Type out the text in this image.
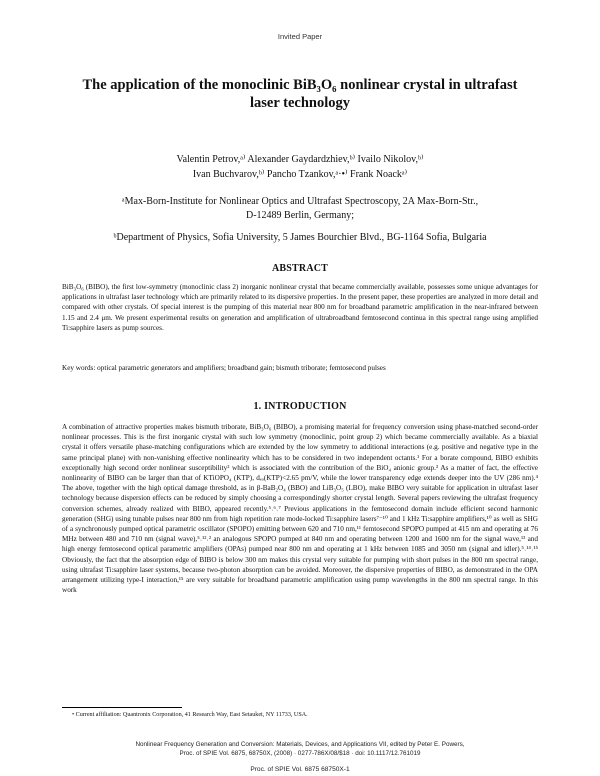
Invited Paper
The application of the monoclinic BiB₃O₆ nonlinear crystal in ultrafast
laser technology
Valentin Petrov,ᵃ⁾ Alexander Gaydardzhiev,ᵇ⁾ Ivailo Nikolov,ᵇ⁾
Ivan Buchvarov,ᵇ⁾ Pancho Tzankov,ᵃ·•⁾ Frank Noackᵃ⁾
ᵃMax-Born-Institute for Nonlinear Optics and Ultrafast Spectroscopy, 2A Max-Born-Str.,
D-12489 Berlin, Germany;
ᵇDepartment of Physics, Sofia University, 5 James Bourchier Blvd., BG-1164 Sofia, Bulgaria
ABSTRACT
BiB₃O₆ (BIBO), the first low-symmetry (monoclinic class 2) inorganic nonlinear crystal that became commercially available, possesses some unique advantages for applications in ultrafast laser technology which are primarily related to its dispersive properties. In the present paper, these properties are analyzed in more detail and compared with other crystals. Of special interest is the pumping of this material near 800 nm for broadband parametric amplification in the near-infrared between 1.15 and 2.4 μm. We present experimental results on generation and amplification of ultrabroadband femtosecond continua in this spectral range using amplified Ti:sapphire lasers as pump sources.
Key words: optical parametric generators and amplifiers; broadband gain; bismuth triborate; femtosecond pulses
1. INTRODUCTION
A combination of attractive properties makes bismuth triborate, BiB₃O₆ (BIBO), a promising material for frequency conversion using phase-matched second-order nonlinear processes. This is the first inorganic crystal with such low symmetry (monoclinic, point group 2) which became commercially available. As a biaxial crystal it offers versatile phase-matching configurations which are extended by the low symmetry to additional interactions (e.g. positive and negative type in the same principal plane) with non-vanishing effective nonlinearity which has to be considered in two independent octants.¹ For a borate compound, BIBO exhibits exceptionally high second order nonlinear susceptibility² which is associated with the contribution of the BiO₄ anionic group.³ As a matter of fact, the effective nonlinearity of BIBO can be larger than that of KTiOPO₄ (KTP), dₑₒ(KTP)<2.65 pm/V, while the lower transparency edge extends deeper into the UV (286 nm).⁴ The above, together with the high optical damage threshold, as in β-BaB₂O₄ (BBO) and LiB₃O₅ (LBO), make BIBO very suitable for application in ultrafast laser technology because dispersion effects can be reduced by simply choosing a correspondingly shorter crystal length. Several papers reviewing the ultrafast frequency conversion schemes, already realized with BIBO, appeared recently.⁵˒⁶˒⁷ Previous applications in the femtosecond domain include efficient second harmonic generation (SHG) using tunable pulses near 800 nm from high repetition rate mode-locked Ti:sapphire lasers⁷⁻¹⁰ and 1 kHz Ti:sapphire amplifiers,¹⁰ as well as SHG of a synchronously pumped optical parametric oscillator (SPOPO) emitting between 620 and 710 nm,¹¹ femtosecond SPOPO pumped at 415 nm and operating at 76 MHz between 480 and 710 nm (signal wave),⁵˒¹²˒² an analogous SPOPO pumped at 840 nm and operating between 1200 and 1600 nm for the signal wave,¹³ and high energy femtosecond optical parametric amplifiers (OPAs) pumped near 800 nm and operating at 1 kHz between 1085 and 3050 nm (signal and idler).⁵˒¹⁴˒¹⁵ Obviously, the fact that the absorption edge of BIBO is below 300 nm makes this crystal very suitable for pumping with short pulses in the 800 nm spectral range, using ultrafast Ti:sapphire laser systems, because two-photon absorption can be avoided. Moreover, the dispersive properties of BIBO, as demonstrated in the OPA arrangement utilizing type-I interaction,¹⁵ are very suitable for broadband parametric amplification using pump wavelengths in the 800 nm spectral range. In this work
• Current affiliation: Quantronix Corporation, 41 Research Way, East Setauket, NY 11733, USA.
Nonlinear Frequency Generation and Conversion: Materials, Devices, and Applications VII, edited by Peter E. Powers,
Proc. of SPIE Vol. 6875, 68750X, (2008) · 0277-786X/08/$18 · doi: 10.1117/12.761019
Proc. of SPIE Vol. 6875 68750X-1
